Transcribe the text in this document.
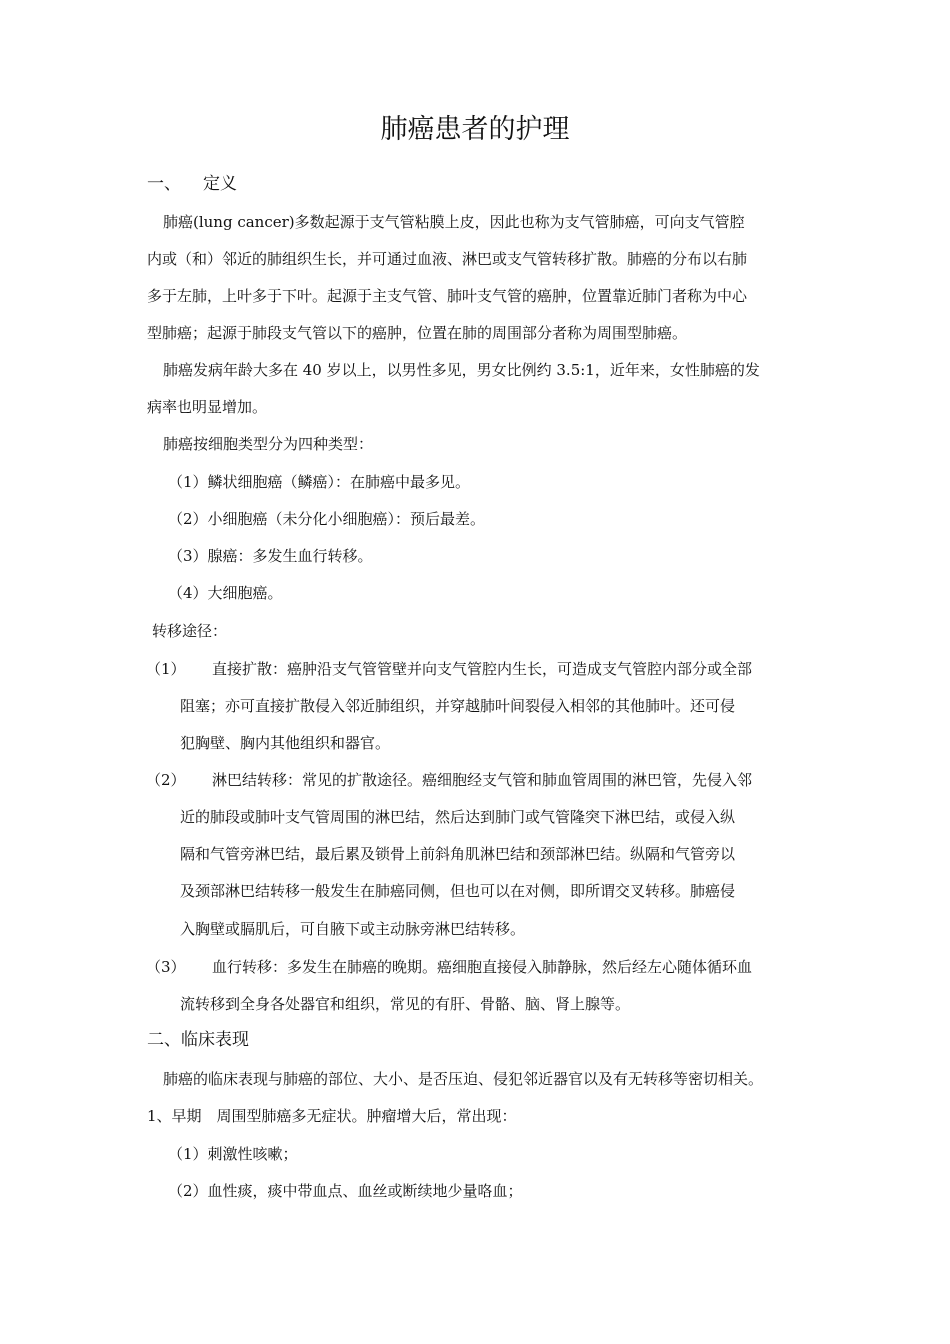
肺癌患者的护理
一、 定义
肺癌(lung cancer)多数起源于支气管粘膜上皮，因此也称为支气管肺癌，可向支气管腔
内或（和）邻近的肺组织生长，并可通过血液、淋巴或支气管转移扩散。肺癌的分布以右肺
多于左肺，上叶多于下叶。起源于主支气管、肺叶支气管的癌肿，位置靠近肺门者称为中心
型肺癌；起源于肺段支气管以下的癌肿，位置在肺的周围部分者称为周围型肺癌。
肺癌发病年龄大多在 40 岁以上，以男性多见，男女比例约 3.5:1，近年来，女性肺癌的发
病率也明显增加。
肺癌按细胞类型分为四种类型：
（1）鳞状细胞癌（鳞癌）：在肺癌中最多见。
（2）小细胞癌（未分化小细胞癌）：预后最差。
（3）腺癌：多发生血行转移。
（4）大细胞癌。
转移途径：
（1） 直接扩散：癌肿沿支气管管壁并向支气管腔内生长，可造成支气管腔内部分或全部
阻塞；亦可直接扩散侵入邻近肺组织，并穿越肺叶间裂侵入相邻的其他肺叶。还可侵
犯胸壁、胸内其他组织和器官。
（2） 淋巴结转移：常见的扩散途径。癌细胞经支气管和肺血管周围的淋巴管，先侵入邻
近的肺段或肺叶支气管周围的淋巴结，然后达到肺门或气管隆突下淋巴结，或侵入纵
隔和气管旁淋巴结，最后累及锁骨上前斜角肌淋巴结和颈部淋巴结。纵隔和气管旁以
及颈部淋巴结转移一般发生在肺癌同侧，但也可以在对侧，即所谓交叉转移。肺癌侵
入胸壁或膈肌后，可自腋下或主动脉旁淋巴结转移。
（3） 血行转移：多发生在肺癌的晚期。癌细胞直接侵入肺静脉，然后经左心随体循环血
流转移到全身各处器官和组织，常见的有肝、骨骼、脑、肾上腺等。
二、临床表现
肺癌的临床表现与肺癌的部位、大小、是否压迫、侵犯邻近器官以及有无转移等密切相关。
1、早期　周围型肺癌多无症状。肿瘤增大后，常出现：
（1）刺激性咳嗽；
（2）血性痰，痰中带血点、血丝或断续地少量咯血；
